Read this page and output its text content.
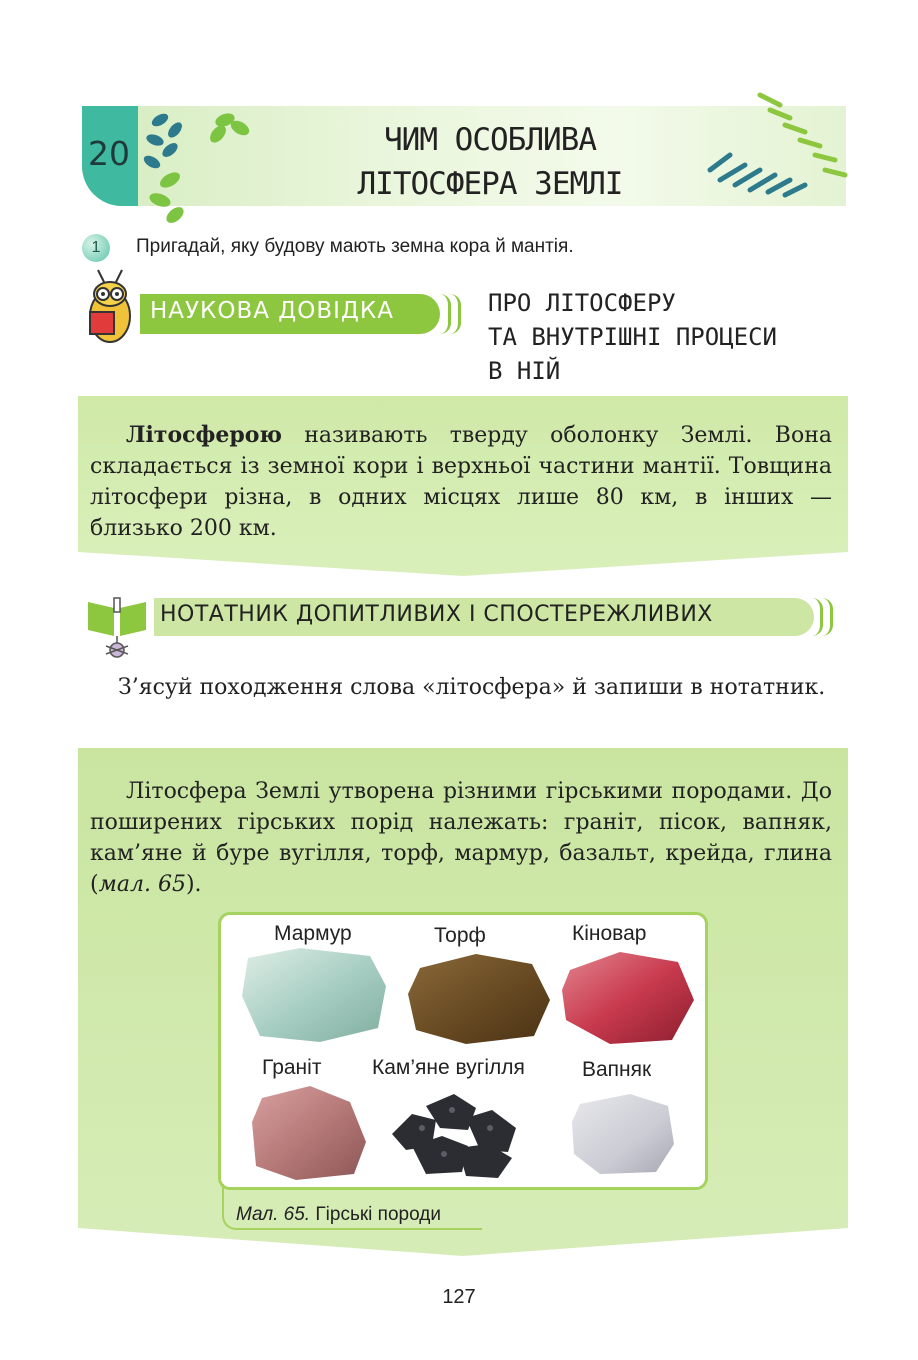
20	ЧИМ ОСОБЛИВА
ЛІТОСФЕРА ЗЕМЛІ
1	Пригадай, яку будову мають земна кора й мантія.
НАУКОВА ДОВІДКА	ПРО ЛІТОСФЕРУ
ТА ВНУТРІШНІ ПРОЦЕСИ
В НІЙ
Літосферою називають тверду оболонку Землі. Вона складається із земної кори і верхньої частини мантії. Товщина літосфери різна, в одних місцях лише 80 км, в інших — близько 200 км.
НОТАТНИК ДОПИТЛИВИХ І СПОСТЕРЕЖЛИВИХ
З’ясуй походження слова «літосфера» й запиши в нотатник.
Літосфера Землі утворена різними гірськими породами. До поширених гірських порід належать: граніт, пісок, вапняк, кам’яне й буре вугілля, торф, мармур, базальт, крейда, глина (мал. 65).
Мармур	Торф	Кіновар
Граніт Кам’яне вугілля	Вапняк
Мал. 65. Гірські породи
127
